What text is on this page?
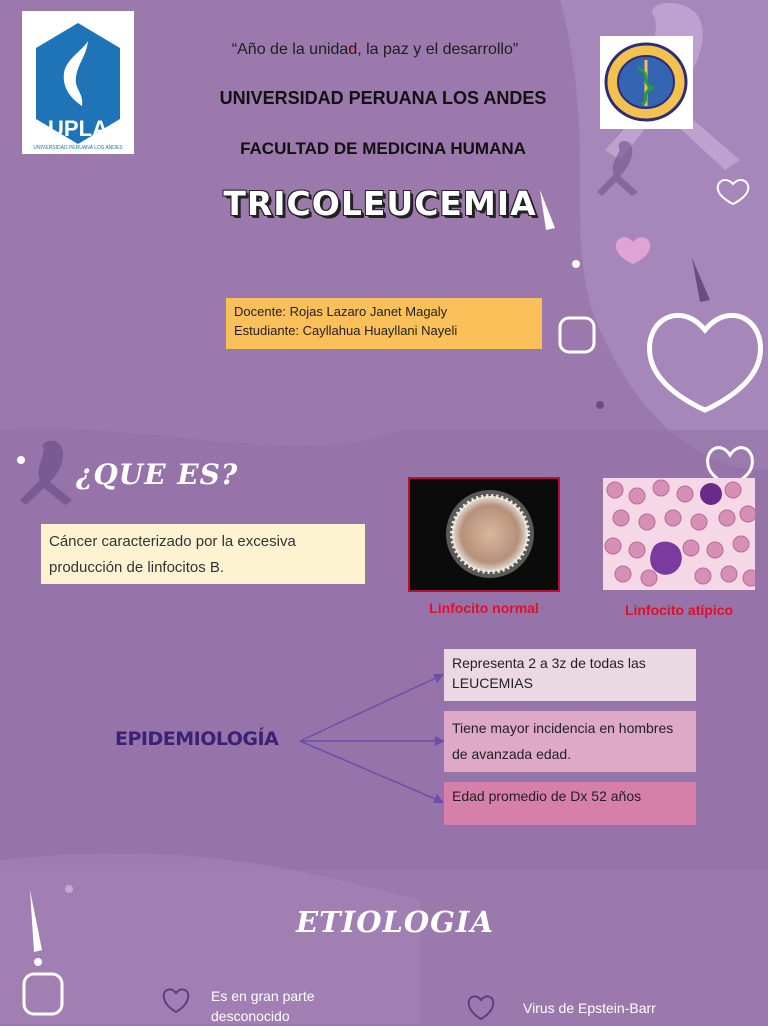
UPLA
UNIVERSIDAD PERUANA LOS ANDES
“Año de la unidad, la paz y el desarrollo”
UNIVERSIDAD PERUANA LOS ANDES
FACULTAD DE MEDICINA HUMANA
TRICOLEUCEMIA
Docente: Rojas Lazaro Janet Magaly
Estudiante: Cayllahua Huayllani Nayeli
¿QUE ES?
Cáncer caracterizado por la excesiva producción de linfocitos B.
Linfocito normal	Linfocito atípico
EPIDEMIOLOGÍA
Representa 2 a 3z de todas las LEUCEMIAS
Tiene mayor incidencia en hombres de avanzada edad.
Edad promedio de Dx 52 años
ETIOLOGIA
Es en gran parte desconocido	Virus de Epstein-Barr
